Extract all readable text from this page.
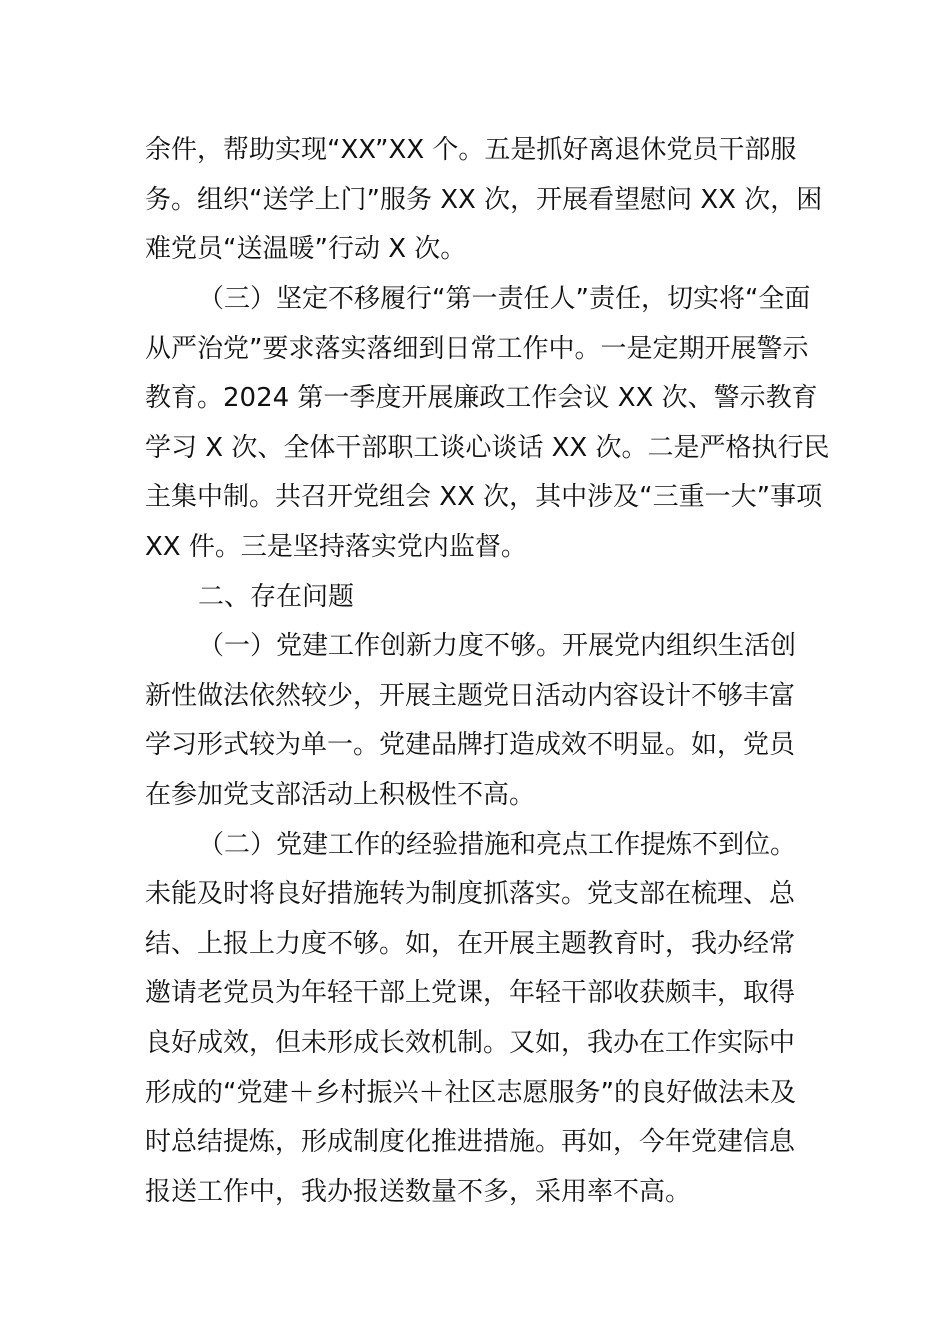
余件，帮助实现“XX”XX 个。五是抓好离退休党员干部服
务。组织“送学上门”服务 XX 次，开展看望慰问 XX 次，困
难党员“送温暖”行动 X 次。
（三）坚定不移履行“第一责任人”责任，切实将“全面
从严治党”要求落实落细到日常工作中。一是定期开展警示
教育。2024 第一季度开展廉政工作会议 XX 次、警示教育
学习 X 次、全体干部职工谈心谈话 XX 次。二是严格执行民
主集中制。共召开党组会 XX 次，其中涉及“三重一大”事项
XX 件。三是坚持落实党内监督。
二、存在问题
（一）党建工作创新力度不够。开展党内组织生活创
新性做法依然较少，开展主题党日活动内容设计不够丰富
学习形式较为单一。党建品牌打造成效不明显。如，党员
在参加党支部活动上积极性不高。
（二）党建工作的经验措施和亮点工作提炼不到位。
未能及时将良好措施转为制度抓落实。党支部在梳理、总
结、上报上力度不够。如，在开展主题教育时，我办经常
邀请老党员为年轻干部上党课，年轻干部收获颇丰，取得
良好成效，但未形成长效机制。又如，我办在工作实际中
形成的“党建＋乡村振兴＋社区志愿服务”的良好做法未及
时总结提炼，形成制度化推进措施。再如，今年党建信息
报送工作中，我办报送数量不多，采用率不高。
